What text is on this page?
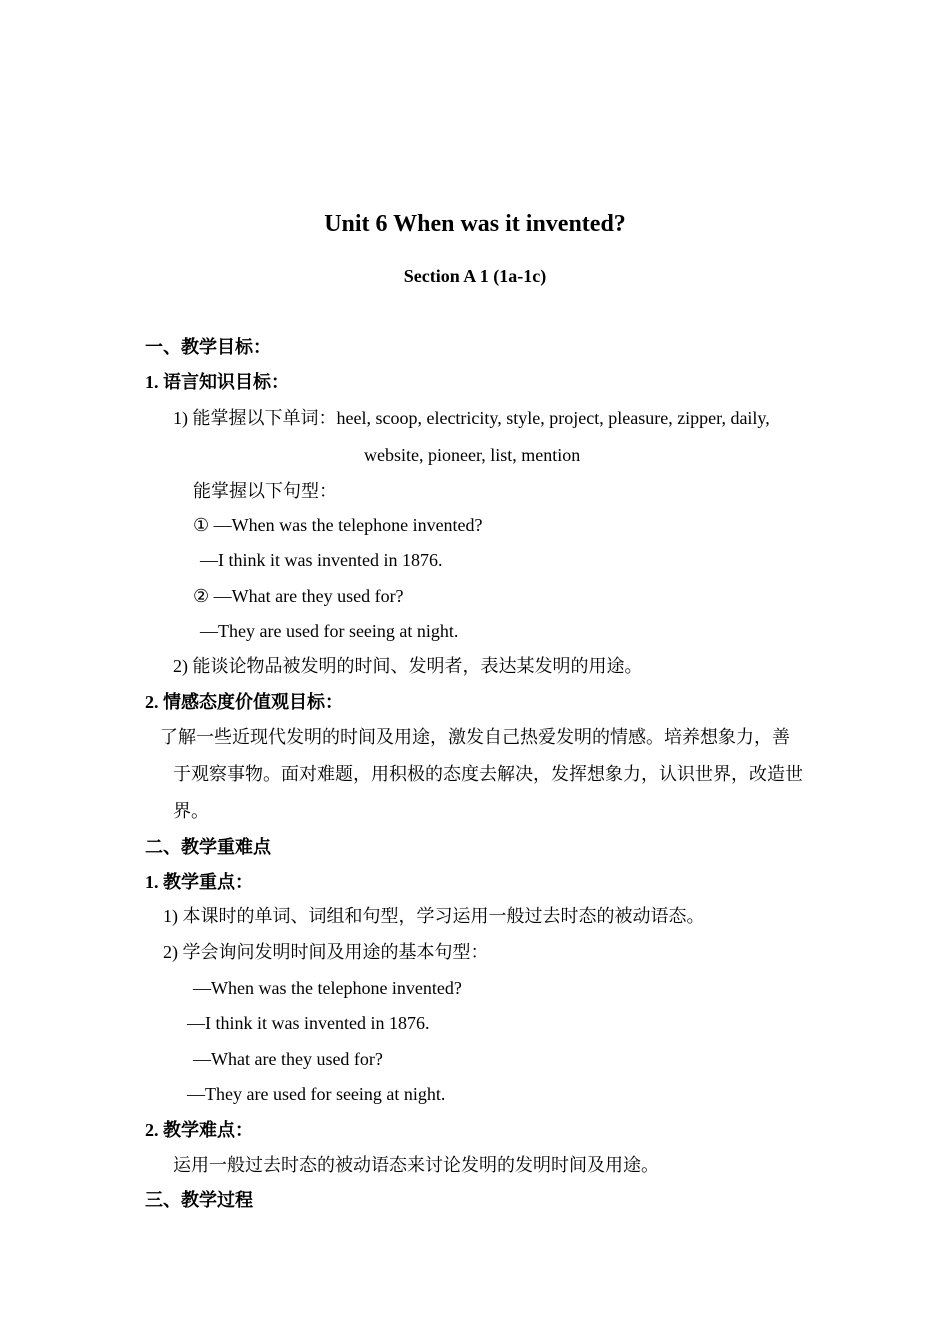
Unit 6 When was it invented?
Section A 1 (1a-1c)
一、教学目标：
1. 语言知识目标：
1) 能掌握以下单词：heel, scoop, electricity, style, project, pleasure, zipper, daily,
website, pioneer, list, mention
能掌握以下句型：
① —When was the telephone invented?
—I think it was invented in 1876.
② —What are they used for?
—They are used for seeing at night.
2) 能谈论物品被发明的时间、发明者，表达某发明的用途。
2. 情感态度价值观目标：
了解一些近现代发明的时间及用途，激发自己热爱发明的情感。培养想象力，善
于观察事物。面对难题，用积极的态度去解决，发挥想象力，认识世界，改造世
界。
二、教学重难点
1. 教学重点：
1) 本课时的单词、词组和句型，学习运用一般过去时态的被动语态。
2) 学会询问发明时间及用途的基本句型：
—When was the telephone invented?
—I think it was invented in 1876.
—What are they used for?
—They are used for seeing at night.
2. 教学难点：
运用一般过去时态的被动语态来讨论发明的发明时间及用途。
三、教学过程
